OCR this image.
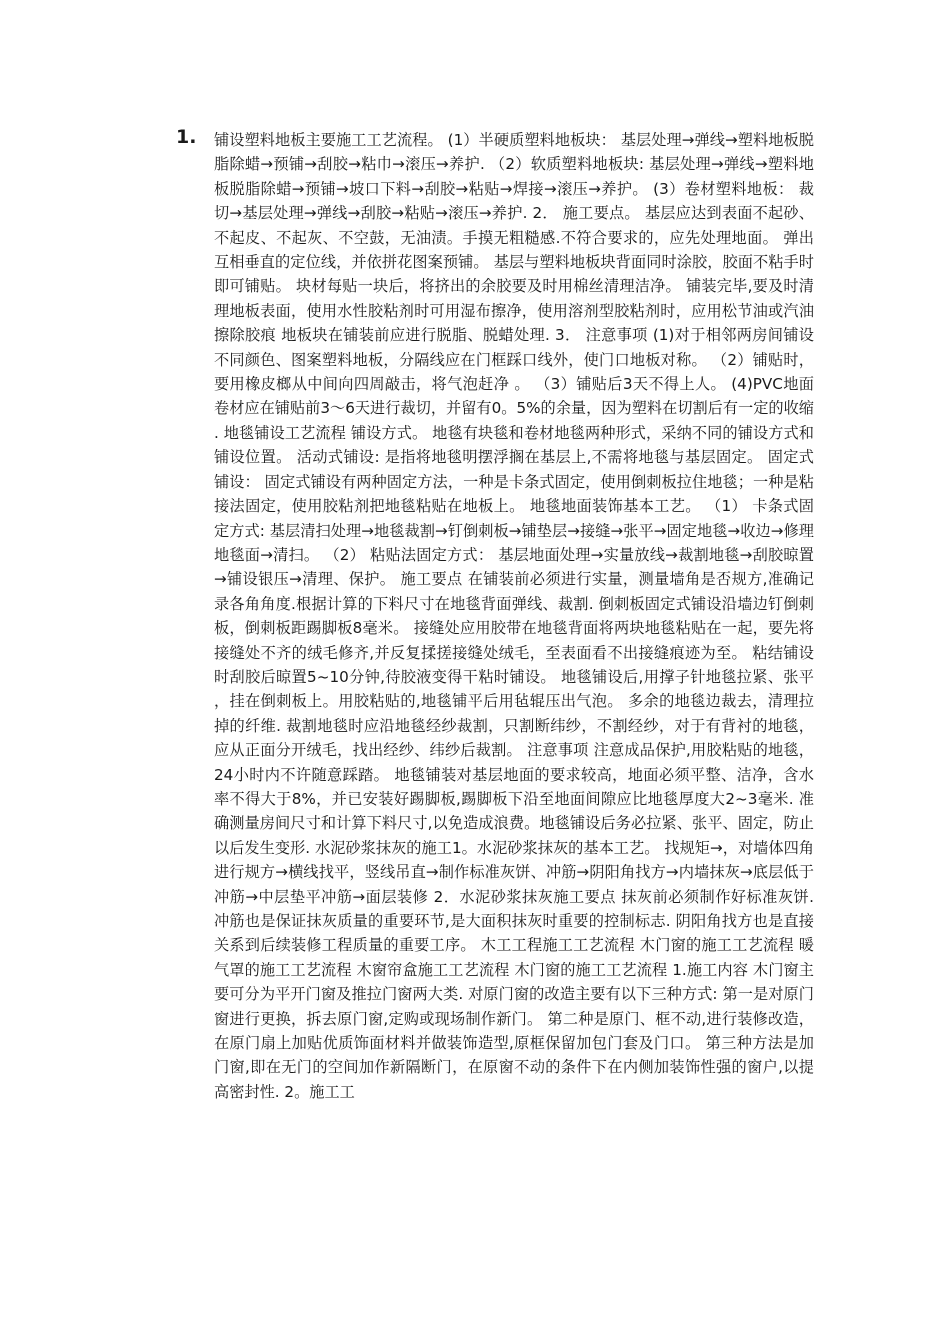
1. 铺设塑料地板主要施工工艺流程。 (1）半硬质塑料地板块： 基层处理→弹线→塑料地板脱脂除蜡→预铺→刮胶→粘巾→滚压→养护. （2）软质塑料地板块: 基层处理→弹线→塑料地板脱脂除蜡→预铺→坡口下料→刮胶→粘贴→焊接→滚压→养护。 (3）卷材塑料地板： 裁切→基层处理→弹线→刮胶→粘贴→滚压→养护. 2． 施工要点。 基层应达到表面不起砂、不起皮、不起灰、不空鼓，无油渍。手摸无粗糙感.不符合要求的，应先处理地面。 弹出互相垂直的定位线，并依拼花图案预铺。 基层与塑料地板块背面同时涂胶，胶面不粘手时即可铺贴。 块材每贴一块后，将挤出的余胶要及时用棉丝清理洁净。 铺装完毕,要及时清理地板表面，使用水性胶粘剂时可用湿布擦净，使用溶剂型胶粘剂时，应用松节油或汽油擦除胶痕 地板块在铺装前应进行脱脂、脱蜡处理. 3． 注意事项 (1)对于相邻两房间铺设不同颜色、图案塑料地板，分隔线应在门框踩口线外，使门口地板对称。 （2）铺贴时，要用橡皮榔从中间向四周敲击，将气泡赶净 。 （3）铺贴后3天不得上人。 (4)PVC地面卷材应在铺贴前3～6天进行裁切，并留有0。5%的余量，因为塑料在切割后有一定的收缩. 地毯铺设工艺流程 铺设方式。 地毯有块毯和卷材地毯两种形式，采纳不同的铺设方式和铺设位置。 活动式铺设: 是指将地毯明摆浮搁在基层上,不需将地毯与基层固定。 固定式铺设： 固定式铺设有两种固定方法，一种是卡条式固定，使用倒刺板拉住地毯；一种是粘接法固定，使用胶粘剂把地毯粘贴在地板上。 地毯地面装饰基本工艺。 （1） 卡条式固定方式: 基层清扫处理→地毯裁割→钉倒刺板→铺垫层→接缝→张平→固定地毯→收边→修理地毯面→清扫。 （2） 粘贴法固定方式： 基层地面处理→实量放线→裁割地毯→刮胶晾置→铺设银压→清理、保护。 施工要点 在铺装前必须进行实量，测量墙角是否规方,准确记录各角角度.根据计算的下料尺寸在地毯背面弹线、裁割. 倒刺板固定式铺设沿墙边钉倒刺板，倒刺板距踢脚板8毫米。 接缝处应用胶带在地毯背面将两块地毯粘贴在一起，要先将接缝处不齐的绒毛修齐,并反复揉搓接缝处绒毛，至表面看不出接缝痕迹为至。 粘结铺设时刮胶后晾置5~10分钟,待胶液变得干粘时铺设。 地毯铺设后,用撑子针地毯拉紧、张平，挂在倒刺板上。用胶粘贴的,地毯铺平后用毡辊压出气泡。 多余的地毯边裁去，清理拉掉的纤维. 裁割地毯时应沿地毯经纱裁割，只割断纬纱，不割经纱，对于有背衬的地毯，应从正面分开绒毛，找出经纱、纬纱后裁割。 注意事项 注意成品保护,用胶粘贴的地毯，24小时内不许随意踩踏。 地毯铺装对基层地面的要求较高，地面必须平整、洁净，含水率不得大于8%，并已安装好踢脚板,踢脚板下沿至地面间隙应比地毯厚度大2~3毫米. 准确测量房间尺寸和计算下料尺寸,以免造成浪费。地毯铺设后务必拉紧、张平、固定，防止以后发生变形. 水泥砂浆抹灰的施工1。水泥砂浆抹灰的基本工艺。 找规矩→，对墙体四角进行规方→横线找平，竖线吊直→制作标准灰饼、冲筋→阴阳角找方→内墙抹灰→底层低于冲筋→中层垫平冲筋→面层装修 2．水泥砂浆抹灰施工要点 抹灰前必须制作好标准灰饼. 冲筋也是保证抹灰质量的重要环节,是大面积抹灰时重要的控制标志. 阴阳角找方也是直接关系到后续装修工程质量的重要工序。 木工工程施工工艺流程 木门窗的施工工艺流程 暖气罩的施工工艺流程 木窗帘盒施工工艺流程 木门窗的施工工艺流程 1.施工内容 木门窗主要可分为平开门窗及推拉门窗两大类. 对原门窗的改造主要有以下三种方式: 第一是对原门窗进行更换，拆去原门窗,定购或现场制作新门。 第二种是原门、框不动,进行装修改造，在原门扇上加贴优质饰面材料并做装饰造型,原框保留加包门套及门口。 第三种方法是加门窗,即在无门的空间加作新隔断门，在原窗不动的条件下在内侧加装饰性强的窗户,以提高密封性. 2。施工工
